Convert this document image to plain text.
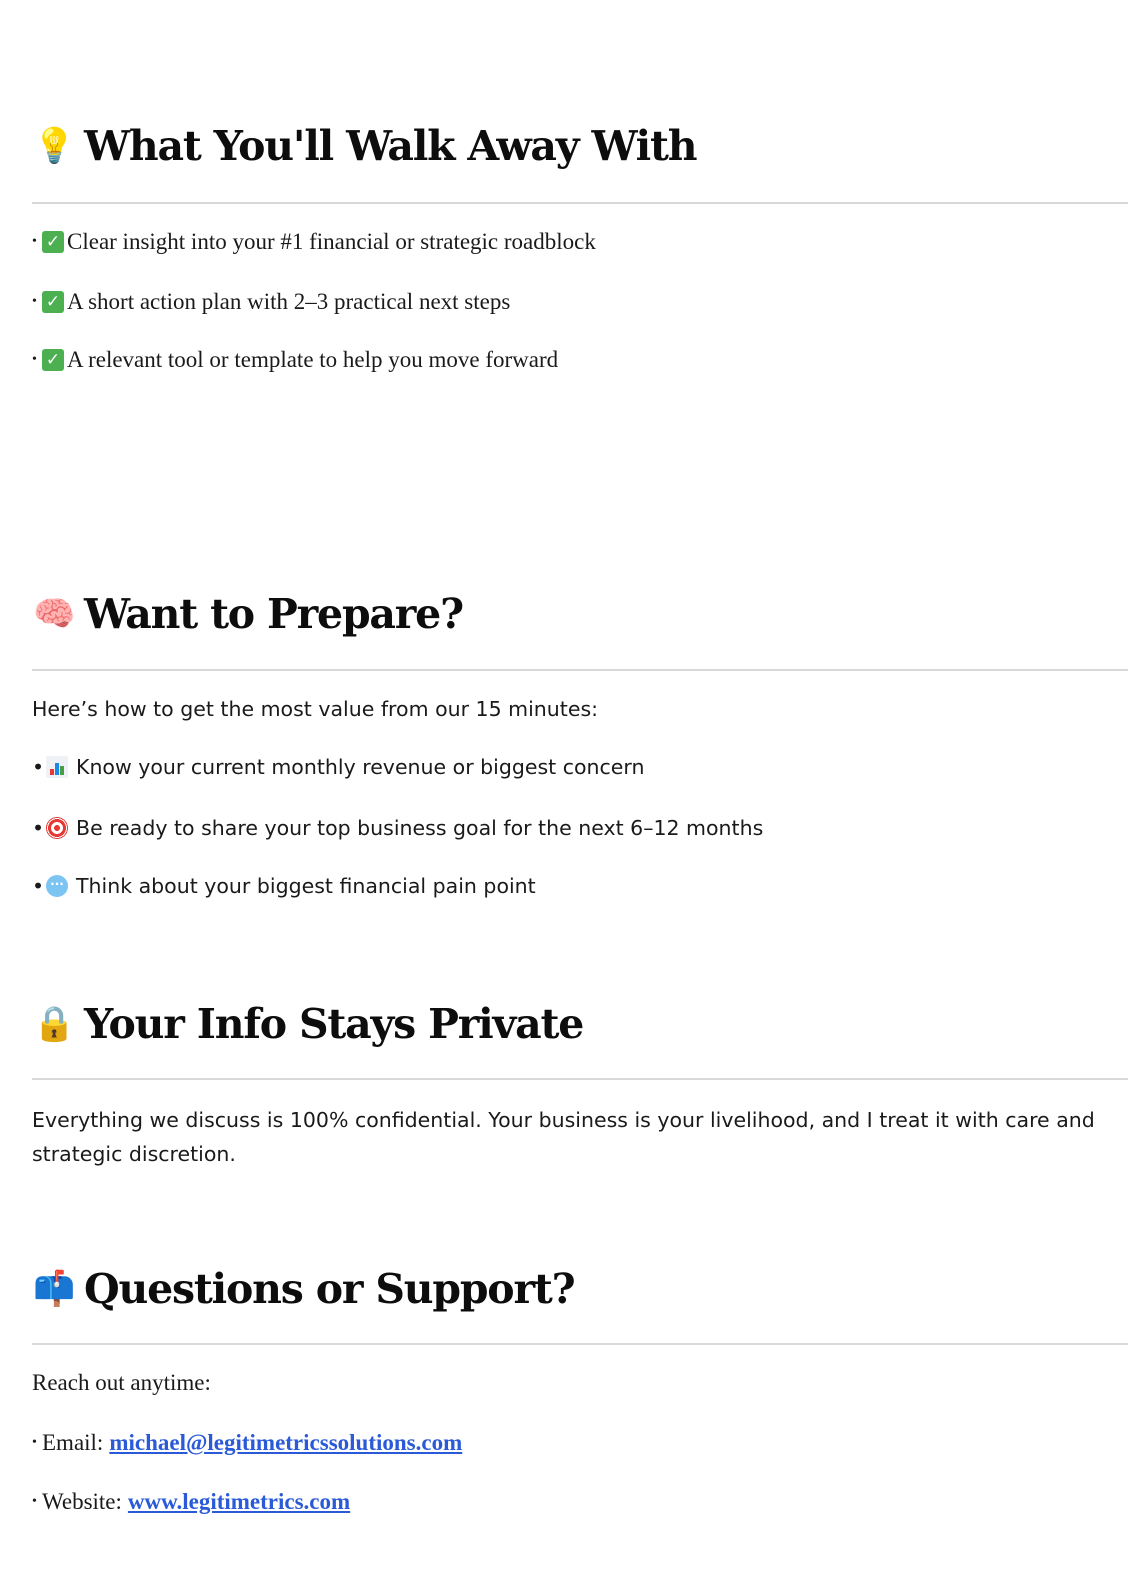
💡 What You'll Walk Away With
• ✓ Clear insight into your #1 financial or strategic roadblock
• ✓ A short action plan with 2–3 practical next steps
• ✓ A relevant tool or template to help you move forward
🧠 Want to Prepare?
Here’s how to get the most value from our 15 minutes:
• Know your current monthly revenue or biggest concern
• Be ready to share your top business goal for the next 6–12 months
• ··· Think about your biggest financial pain point
🔒 Your Info Stays Private
Everything we discuss is 100% confidential. Your business is your livelihood, and I treat it with care and strategic discretion.
📫 Questions or Support?
Reach out anytime:
• Email: michael@legitimetricssolutions.com
• Website: www.legitimetrics.com
